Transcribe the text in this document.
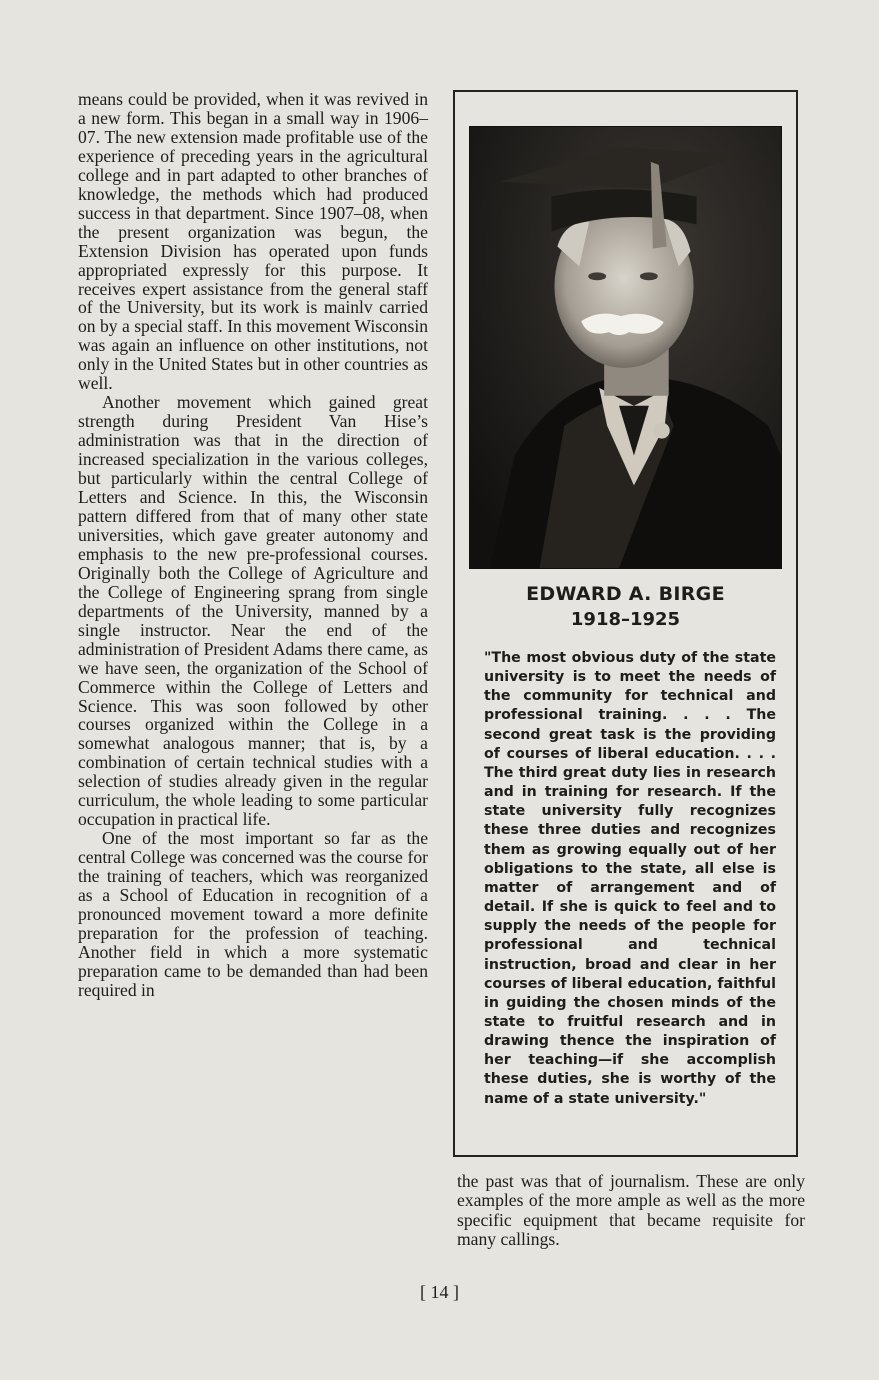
means could be provided, when it was revived in a new form. This began in a small way in 1906–07. The new extension made profitable use of the experience of preceding years in the agricultural college and in part adapted to other branches of knowledge, the methods which had produced success in that department. Since 1907–08, when the present organization was begun, the Extension Division has operated upon funds appropriated expressly for this purpose. It receives expert assistance from the general staff of the University, but its work is mainlv carried on by a special staff. In this movement Wisconsin was again an influence on other institutions, not only in the United States but in other countries as well.

Another movement which gained great strength during President Van Hise’s administration was that in the direction of increased specialization in the various colleges, but particularly within the central College of Letters and Science. In this, the Wisconsin pattern differed from that of many other state universities, which gave greater autonomy and emphasis to the new pre-professional courses. Originally both the College of Agriculture and the College of Engineering sprang from single departments of the University, manned by a single instructor. Near the end of the administration of President Adams there came, as we have seen, the organization of the School of Commerce within the College of Letters and Science. This was soon followed by other courses organized within the College in a somewhat analogous manner; that is, by a combination of certain technical studies with a selection of studies already given in the regular curriculum, the whole leading to some particular occupation in practical life.

One of the most important so far as the central College was concerned was the course for the training of teachers, which was reorganized as a School of Education in recognition of a pronounced movement toward a more definite preparation for the profession of teaching. Another field in which a more systematic preparation came to be demanded than had been required in

EDWARD A. BIRGE
1918–1925
"The most obvious duty of the state university is to meet the needs of the community for technical and professional training. . . . The second great task is the providing of courses of liberal education. . . . The third great duty lies in research and in training for research. If the state university fully recognizes these three duties and recognizes them as growing equally out of her obligations to the state, all else is matter of arrangement and of detail. If she is quick to feel and to supply the needs of the people for professional and technical instruction, broad and clear in her courses of liberal education, faithful in guiding the chosen minds of the state to fruitful research and in drawing thence the inspiration of her teaching—if she accomplish these duties, she is worthy of the name of a state university."

the past was that of journalism. These are only examples of the more ample as well as the more specific equipment that became requisite for many callings.

[ 14 ]
